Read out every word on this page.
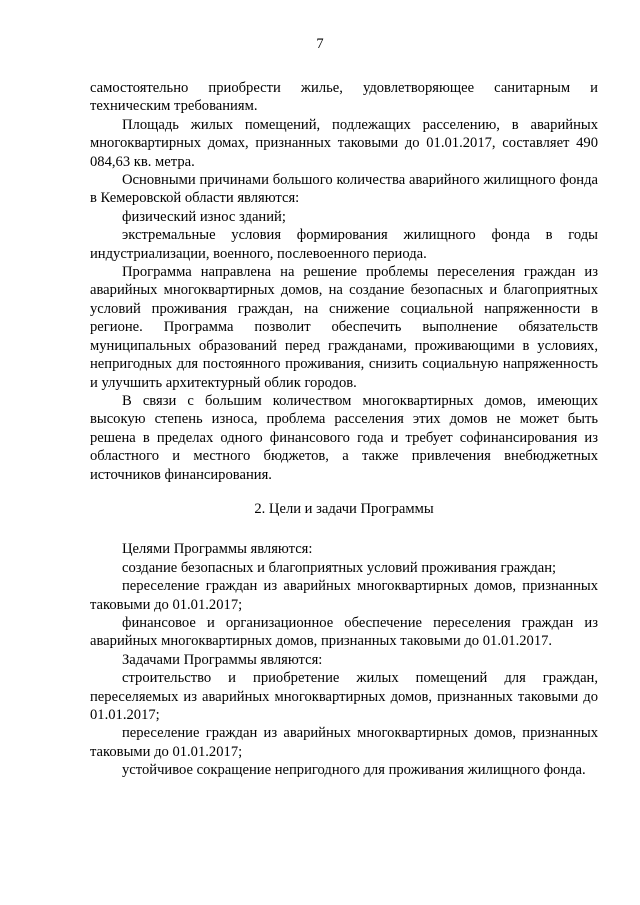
7

самостоятельно приобрести жилье, удовлетворяющее санитарным и техническим требованиям.

Площадь жилых помещений, подлежащих расселению, в аварийных многоквартирных домах, признанных таковыми до 01.01.2017, составляет 490 084,63 кв. метра.

Основными причинами большого количества аварийного жилищного фонда в Кемеровской области являются:

физический износ зданий;

экстремальные условия формирования жилищного фонда в годы индустриализации, военного, послевоенного периода.

Программа направлена на решение проблемы переселения граждан из аварийных многоквартирных домов, на создание безопасных и благоприятных условий проживания граждан, на снижение социальной напряженности в регионе. Программа позволит обеспечить выполнение обязательств муниципальных образований перед гражданами, проживающими в условиях, непригодных для постоянного проживания, снизить социальную напряженность и улучшить архитектурный облик городов.

В связи с большим количеством многоквартирных домов, имеющих высокую степень износа, проблема расселения этих домов не может быть решена в пределах одного финансового года и требует софинансирования из областного и местного бюджетов, а также привлечения внебюджетных источников финансирования.

2. Цели и задачи Программы

Целями Программы являются:

создание безопасных и благоприятных условий проживания граждан;

переселение граждан из аварийных многоквартирных домов, признанных таковыми до 01.01.2017;

финансовое и организационное обеспечение переселения граждан из аварийных многоквартирных домов, признанных таковыми до 01.01.2017.

Задачами Программы являются:

строительство и приобретение жилых помещений для граждан, переселяемых из аварийных многоквартирных домов, признанных таковыми до 01.01.2017;

переселение граждан из аварийных многоквартирных домов, признанных таковыми до 01.01.2017;

устойчивое сокращение непригодного для проживания жилищного фонда.
